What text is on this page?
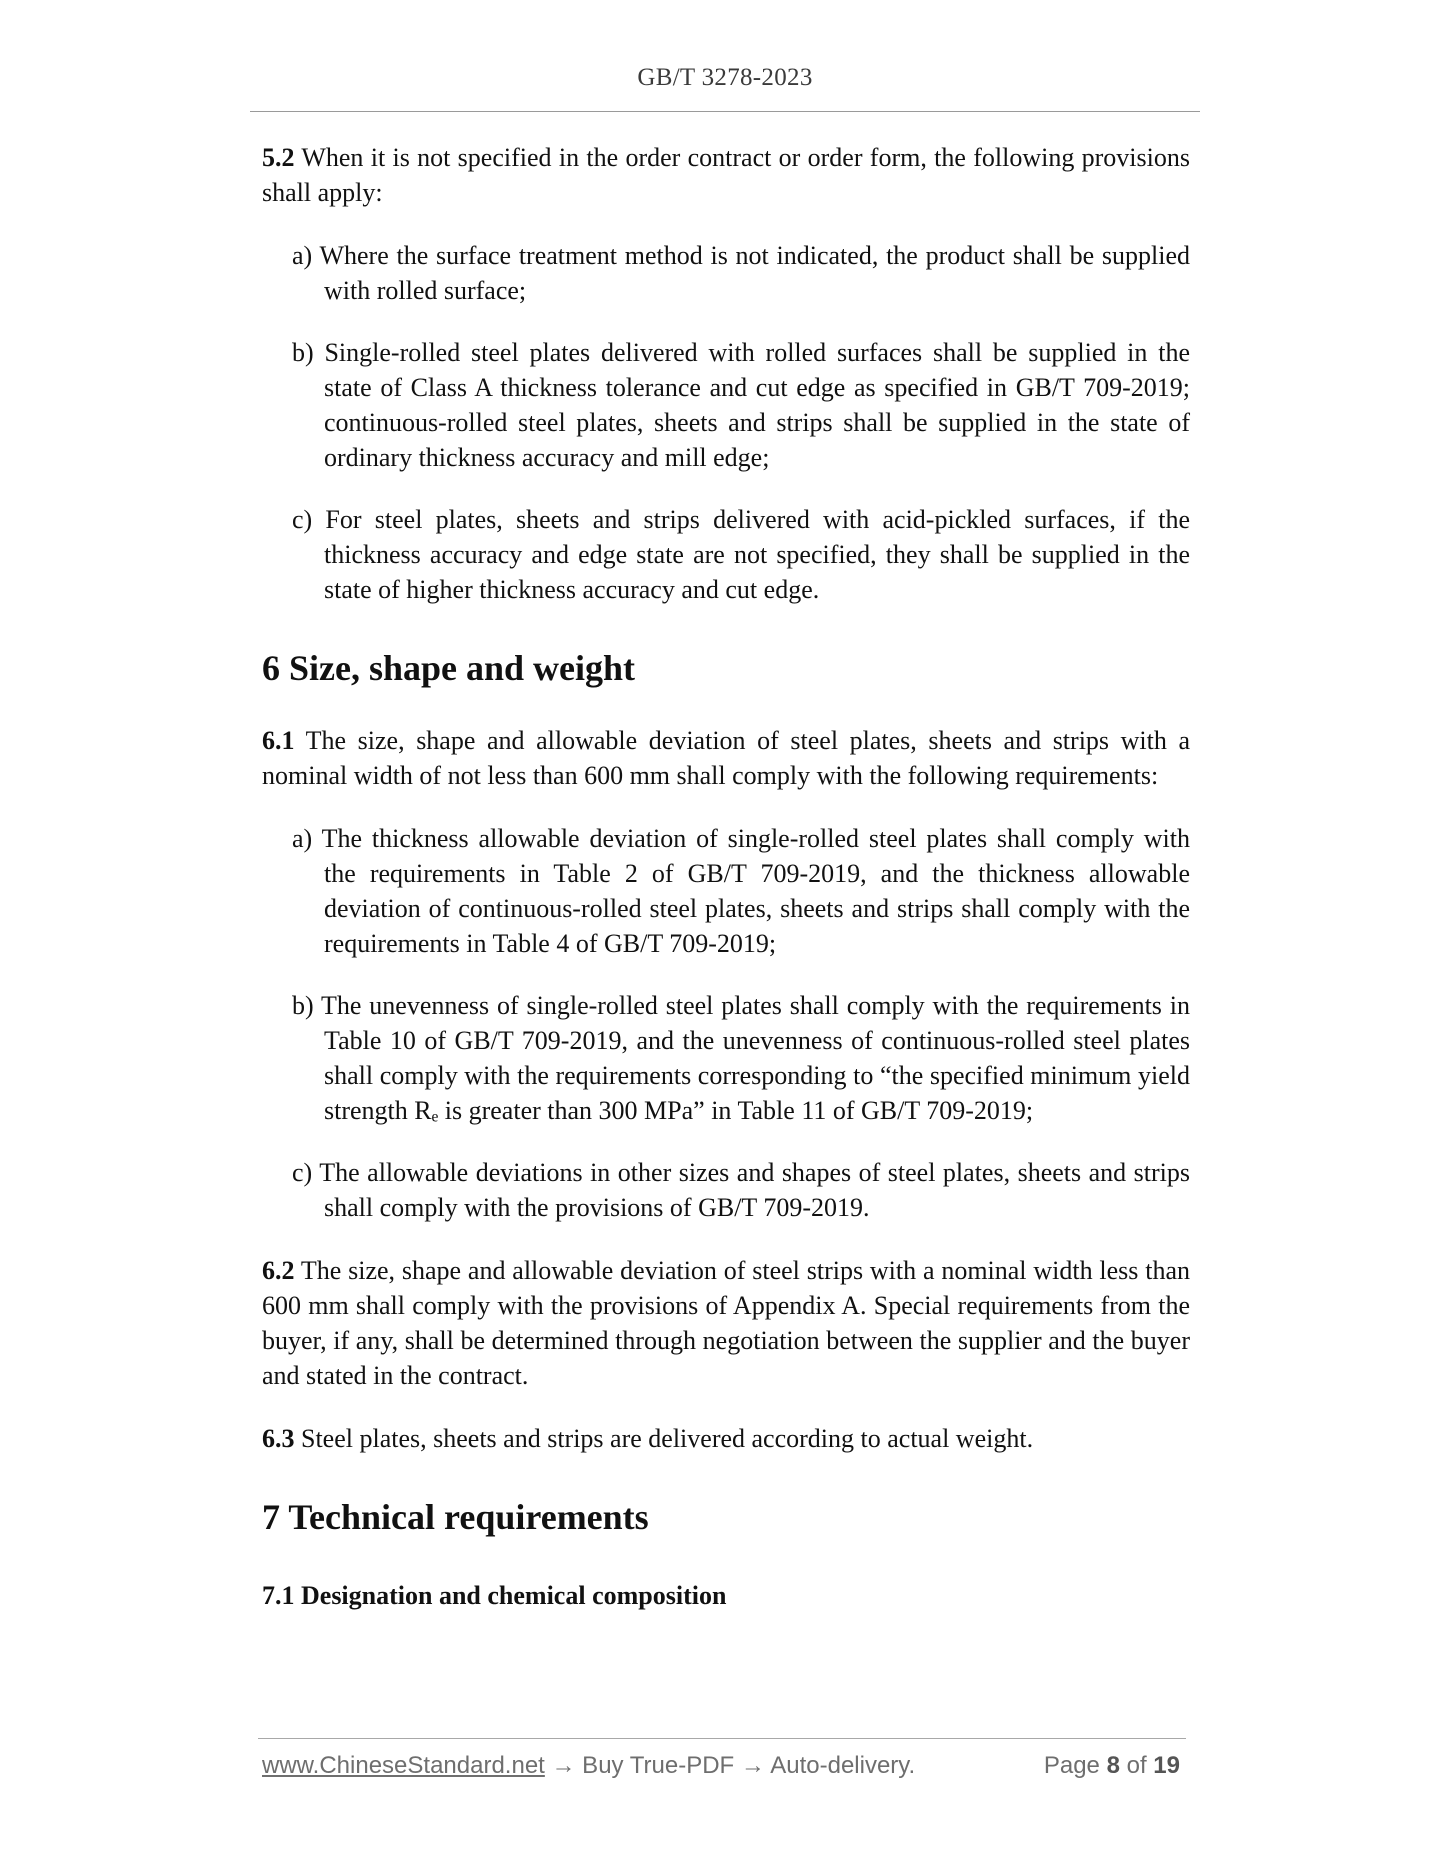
GB/T 3278-2023

5.2 When it is not specified in the order contract or order form, the following provisions shall apply:

a) Where the surface treatment method is not indicated, the product shall be supplied with rolled surface;
b) Single-rolled steel plates delivered with rolled surfaces shall be supplied in the state of Class A thickness tolerance and cut edge as specified in GB/T 709-2019; continuous-rolled steel plates, sheets and strips shall be supplied in the state of ordinary thickness accuracy and mill edge;
c) For steel plates, sheets and strips delivered with acid-pickled surfaces, if the thickness accuracy and edge state are not specified, they shall be supplied in the state of higher thickness accuracy and cut edge.
6 Size, shape and weight

6.1 The size, shape and allowable deviation of steel plates, sheets and strips with a nominal width of not less than 600 mm shall comply with the following requirements:

a) The thickness allowable deviation of single-rolled steel plates shall comply with the requirements in Table 2 of GB/T 709-2019, and the thickness allowable deviation of continuous-rolled steel plates, sheets and strips shall comply with the requirements in Table 4 of GB/T 709-2019;
b) The unevenness of single-rolled steel plates shall comply with the requirements in Table 10 of GB/T 709-2019, and the unevenness of continuous-rolled steel plates shall comply with the requirements corresponding to “the specified minimum yield strength Rₑ is greater than 300 MPa” in Table 11 of GB/T 709-2019;
c) The allowable deviations in other sizes and shapes of steel plates, sheets and strips shall comply with the provisions of GB/T 709-2019.

6.2 The size, shape and allowable deviation of steel strips with a nominal width less than 600 mm shall comply with the provisions of Appendix A. Special requirements from the buyer, if any, shall be determined through negotiation between the supplier and the buyer and stated in the contract.

6.3 Steel plates, sheets and strips are delivered according to actual weight.

7 Technical requirements
7.1 Designation and chemical composition
www.ChineseStandard.net → Buy True-PDF → Auto-delivery.	Page 8 of 19
